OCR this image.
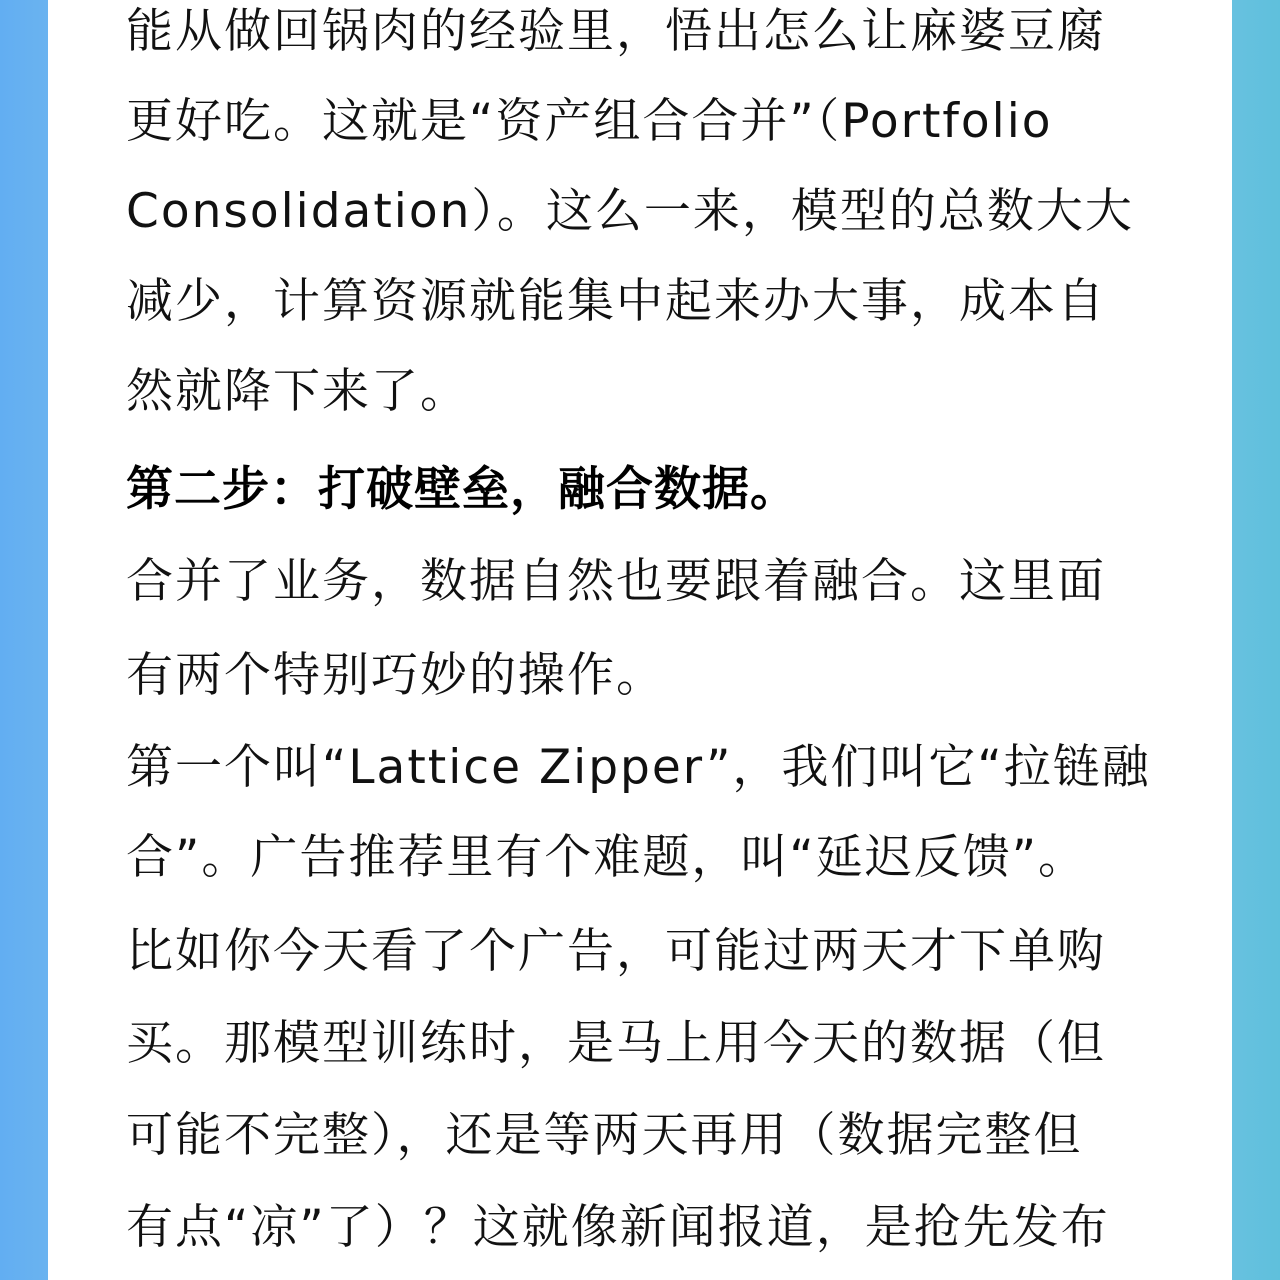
能从做回锅肉的经验里，悟出怎么让麻婆豆腐
更好吃。这就是“资产组合合并”（Portfolio
Consolidation）。这么一来，模型的总数大大
减少，计算资源就能集中起来办大事，成本自
然就降下来了。
第二步：打破壁垒，融合数据。
合并了业务，数据自然也要跟着融合。这里面
有两个特别巧妙的操作。
第一个叫“Lattice Zipper”，我们叫它“拉链融
合”。广告推荐里有个难题，叫“延迟反馈”。
比如你今天看了个广告，可能过两天才下单购
买。那模型训练时，是马上用今天的数据（但
可能不完整），还是等两天再用（数据完整但
有点“凉”了）？这就像新闻报道，是抢先发布
